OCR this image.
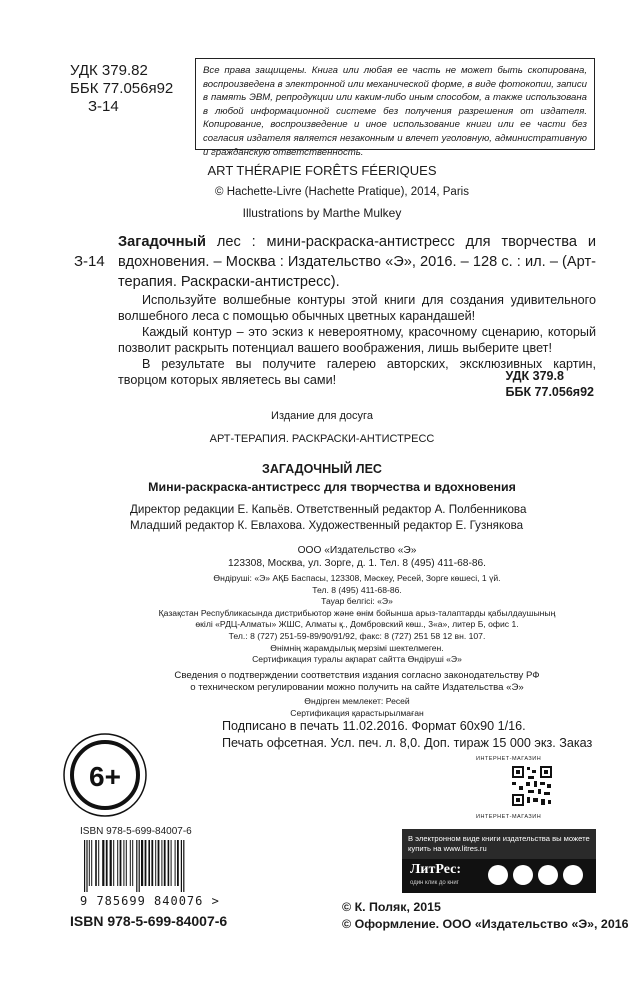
УДК 379.82
ББК 77.056я92
З-14
Все права защищены. Книга или любая ее часть не может быть скопирована, воспроизведена в электронной или механической форме, в виде фотокопии, записи в память ЭВМ, репродукции или каким-либо иным способом, а также использована в любой информационной системе без получения разрешения от издателя. Копирование, воспроизведение и иное использование книги или ее части без согласия издателя является незаконным и влечет уголовную, административную и гражданскую ответственность.
ART THÉRAPIE FORÊTS FÉERIQUES
© Hachette-Livre (Hachette Pratique), 2014, Paris
Illustrations by Marthe Mulkey
З-14
Загадочный лес : мини-раскраска-антистресс для творчества и вдохновения. – Москва : Издательство «Э», 2016. – 128 с. : ил. – (Арт-терапия. Раскраски-антистресс).

Используйте волшебные контуры этой книги для создания удивительного волшебного леса с помощью обычных цветных карандашей!

Каждый контур – это эскиз к невероятному, красочному сценарию, который позволит раскрыть потенциал вашего воображения, лишь выберите цвет!

В результате вы получите галерею авторских, эксклюзивных картин, творцом которых являетесь вы сами!	УДК 379.8
ББК 77.056я92
Издание для досуга
АРТ-ТЕРАПИЯ. РАСКРАСКИ-АНТИСТРЕСС
ЗАГАДОЧНЫЙ ЛЕС
Мини-раскраска-антистресс для творчества и вдохновения
Директор редакции Е. Капьёв. Ответственный редактор А. Полбенникова
Младший редактор К. Евлахова. Художественный редактор Е. Гузнякова
ООО «Издательство «Э»
123308, Москва, ул. Зорге, д. 1. Тел. 8 (495) 411-68-86.
Өндіруші: «Э» АҚБ Баспасы, 123308, Мәскеу, Ресей, Зорге көшесі, 1 үй.
Тел. 8 (495) 411-68-86.
Тауар белгісі: «Э»
Қазақстан Республикасында дистрибьютор және өнім бойынша арыз-талаптарды қабылдаушының
өкілі «РДЦ-Алматы» ЖШС, Алматы қ., Домбровский көш., 3«а», литер Б, офис 1.
Тел.: 8 (727) 251-59-89/90/91/92, факс: 8 (727) 251 58 12 вн. 107.
Өнімнің жарамдылық мерзімі шектелмеген.
Сертификация туралы ақпарат сайтта Өндіруші «Э»
Сведения о подтверждении соответствия издания согласно законодательству РФ
о техническом регулировании можно получить на сайте Издательства «Э»
Өндірген мемлекет: Ресей
Сертификация қарастырылмаған
Подписано в печать 11.02.2016. Формат 60х90 1/16.
Печать офсетная. Усл. печ. л. 8,0. Доп. тираж 15 000 экз. Заказ
6+
ISBN 978-5-699-84007-6
9 785699 840076 >
ISBN 978-5-699-84007-6
© К. Поляк, 2015
© Оформление. ООО «Издательство «Э», 2016
ИНТЕРНЕТ-МАГАЗИН
ИНТЕРНЕТ-МАГАЗИН
В электронном виде книги издательства вы можете купить на www.litres.ru
ЛитРес:
один клик до книг
